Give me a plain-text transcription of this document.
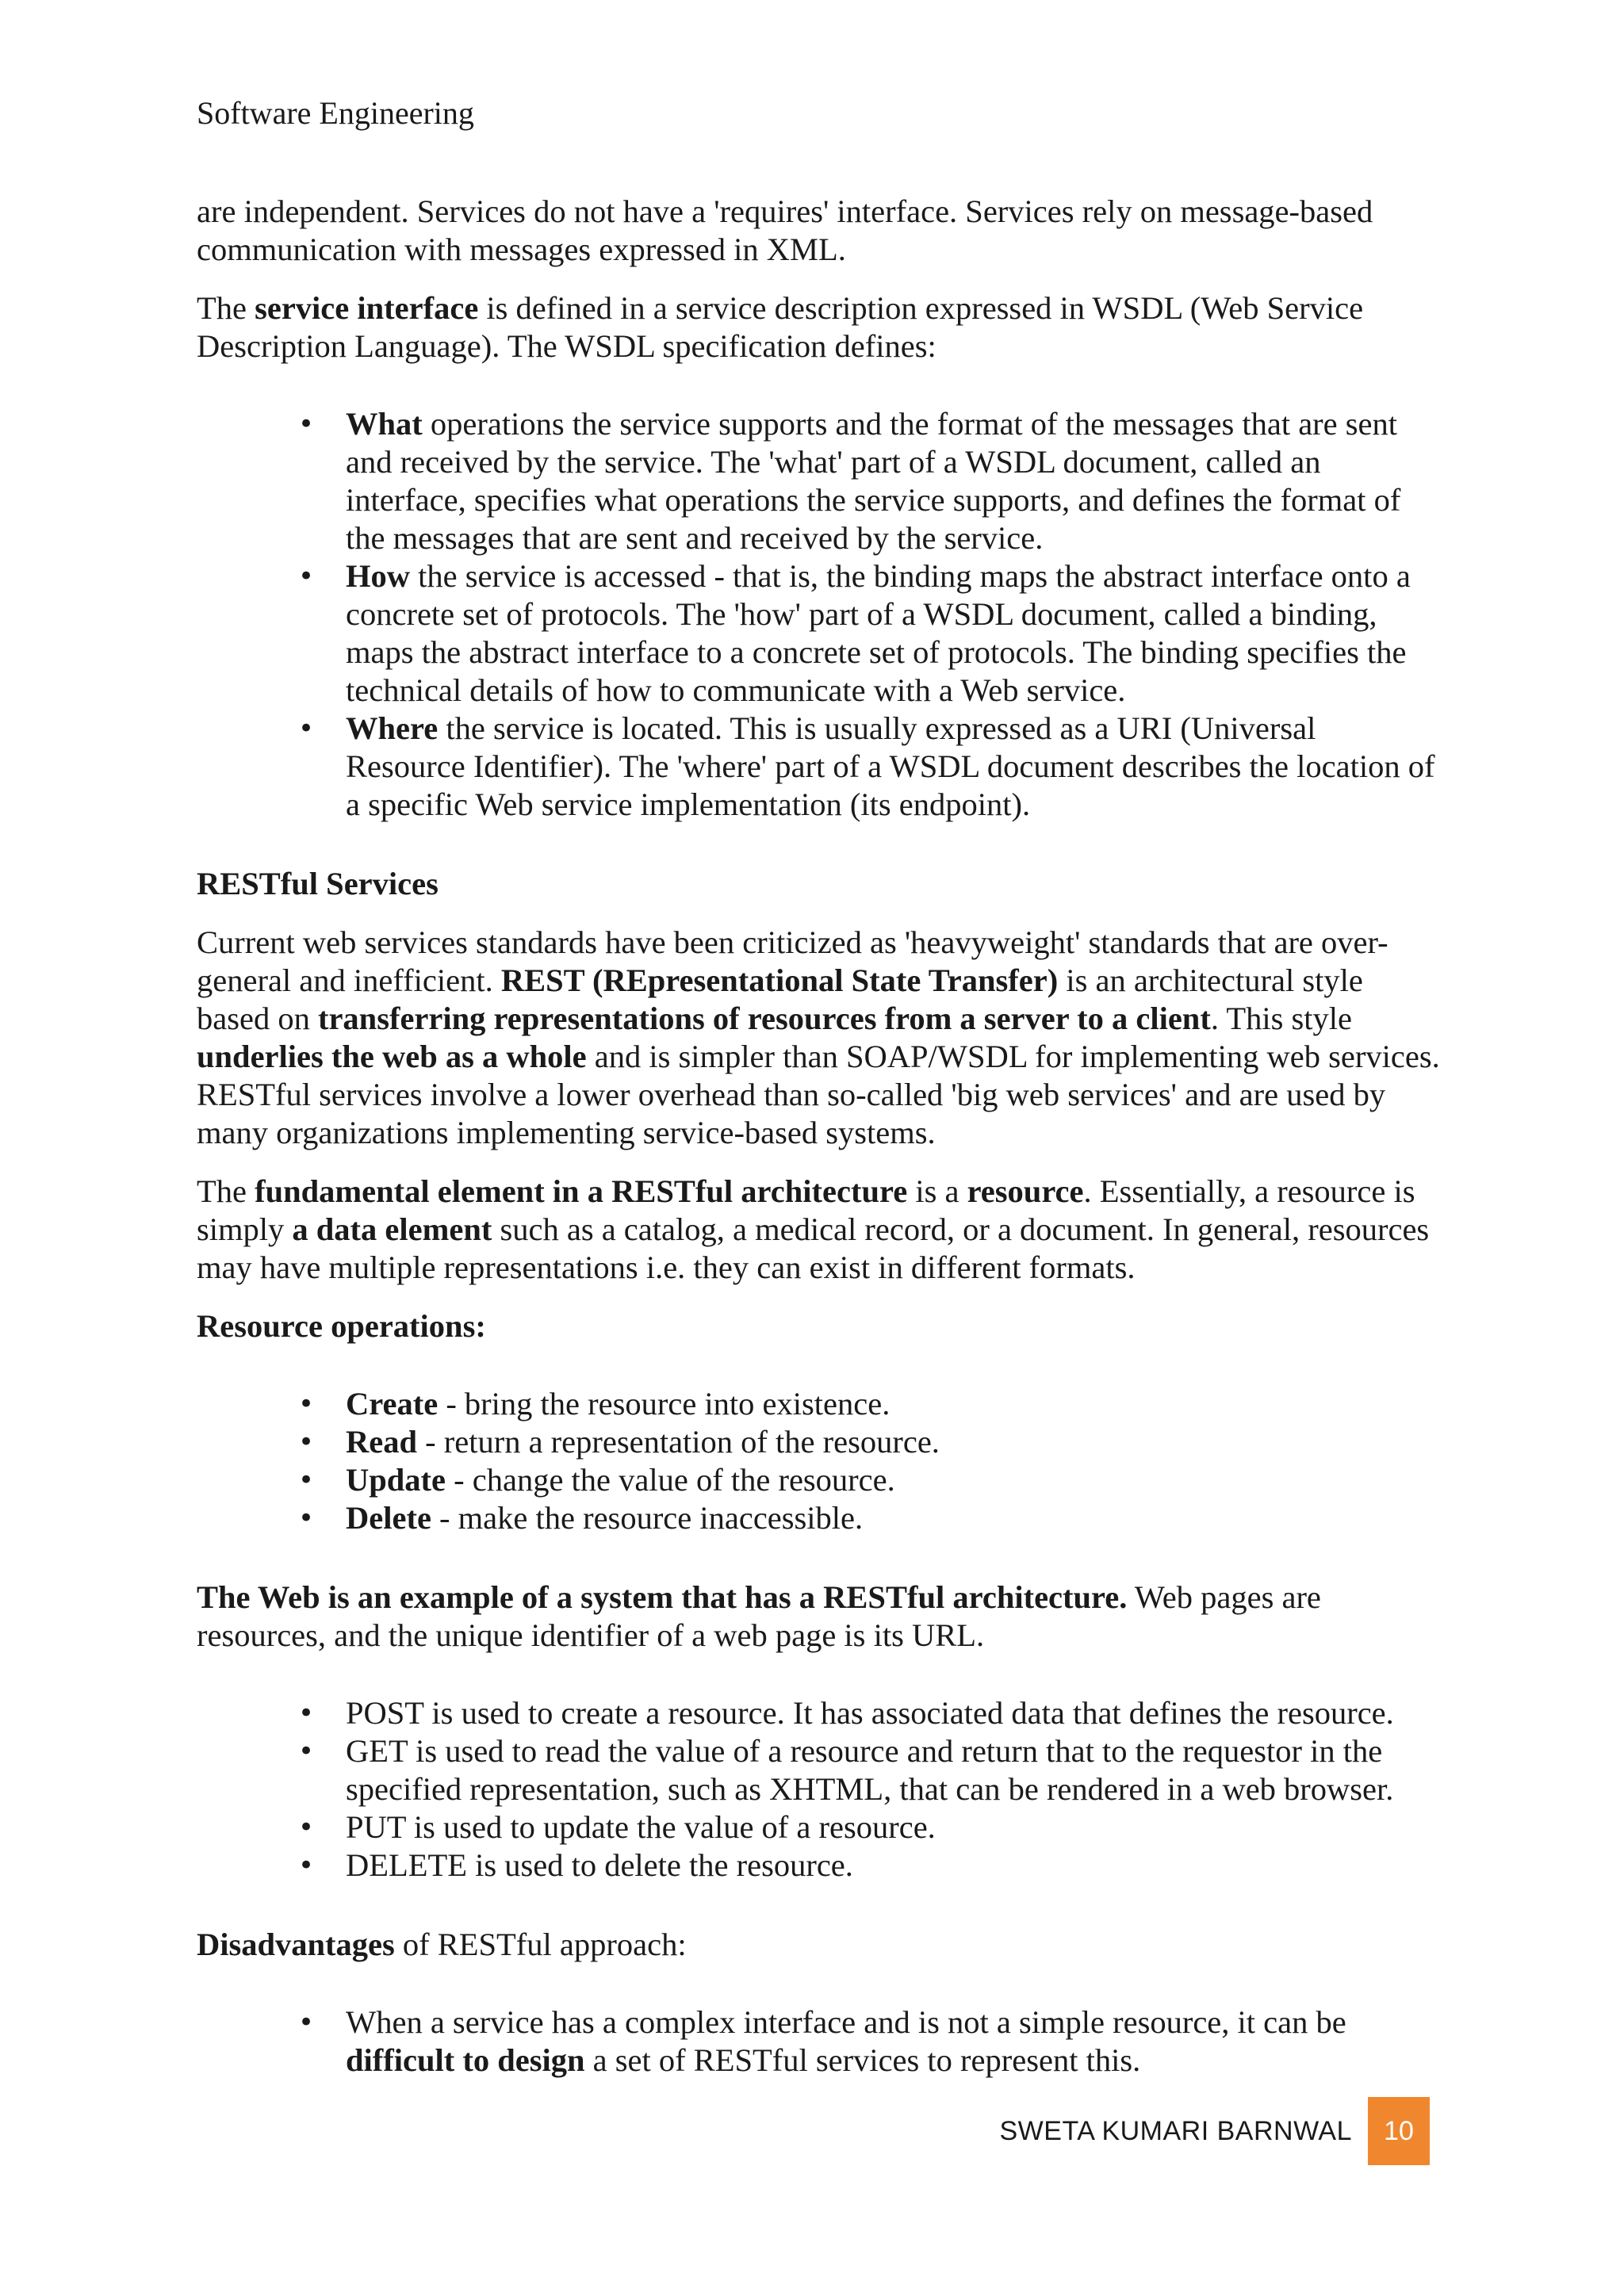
Software Engineering

are independent. Services do not have a 'requires' interface. Services rely on message-based communication with messages expressed in XML.

The service interface is defined in a service description expressed in WSDL (Web Service Description Language). The WSDL specification defines:

• What operations the service supports and the format of the messages that are sent and received by the service. The 'what' part of a WSDL document, called an interface, specifies what operations the service supports, and defines the format of the messages that are sent and received by the service.
• How the service is accessed - that is, the binding maps the abstract interface onto a concrete set of protocols. The 'how' part of a WSDL document, called a binding, maps the abstract interface to a concrete set of protocols. The binding specifies the technical details of how to communicate with a Web service.
• Where the service is located. This is usually expressed as a URI (Universal Resource Identifier). The 'where' part of a WSDL document describes the location of a specific Web service implementation (its endpoint).
RESTful Services

Current web services standards have been criticized as 'heavyweight' standards that are over-general and inefficient. REST (REpresentational State Transfer) is an architectural style based on transferring representations of resources from a server to a client. This style underlies the web as a whole and is simpler than SOAP/WSDL for implementing web services. RESTful services involve a lower overhead than so-called 'big web services' and are used by many organizations implementing service-based systems.

The fundamental element in a RESTful architecture is a resource. Essentially, a resource is simply a data element such as a catalog, a medical record, or a document. In general, resources may have multiple representations i.e. they can exist in different formats.

Resource operations:
• Create - bring the resource into existence.
• Read - return a representation of the resource.
• Update - change the value of the resource.
• Delete - make the resource inaccessible.

The Web is an example of a system that has a RESTful architecture. Web pages are resources, and the unique identifier of a web page is its URL.

• POST is used to create a resource. It has associated data that defines the resource.
• GET is used to read the value of a resource and return that to the requestor in the specified representation, such as XHTML, that can be rendered in a web browser.
• PUT is used to update the value of a resource.
• DELETE is used to delete the resource.

Disadvantages of RESTful approach:

• When a service has a complex interface and is not a simple resource, it can be difficult to design a set of RESTful services to represent this.
SWETA KUMARI BARNWAL	10
